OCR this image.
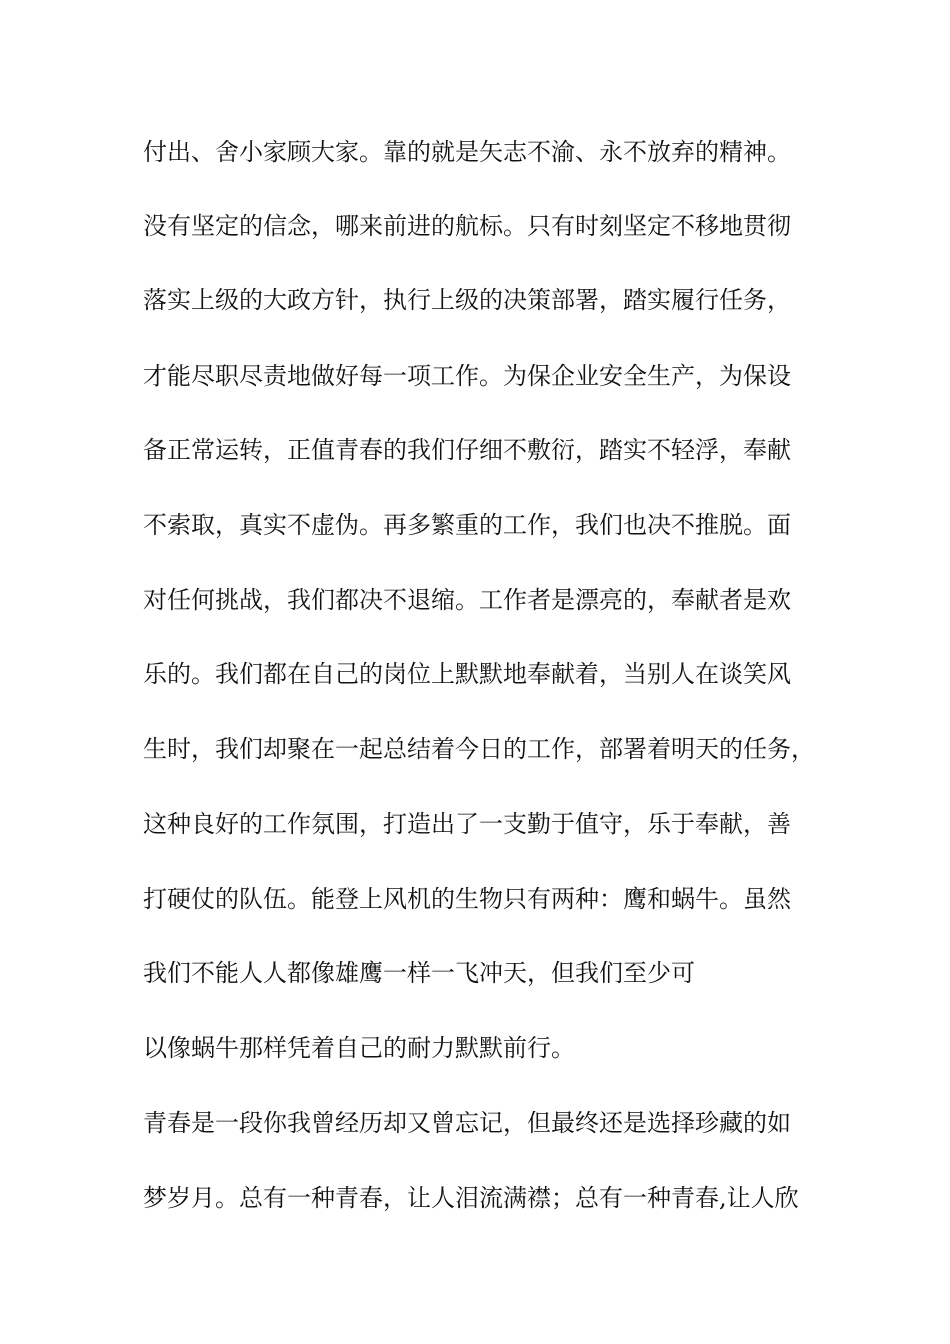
付出、舍小家顾大家。靠的就是矢志不渝、永不放弃的精神。

没有坚定的信念，哪来前进的航标。只有时刻坚定不移地贯彻

落实上级的大政方针，执行上级的决策部署，踏实履行任务，

才能尽职尽责地做好每一项工作。为保企业安全生产，为保设

备正常运转，正值青春的我们仔细不敷衍，踏实不轻浮，奉献

不索取，真实不虚伪。再多繁重的工作，我们也决不推脱。面

对任何挑战，我们都决不退缩。工作者是漂亮的，奉献者是欢

乐的。我们都在自己的岗位上默默地奉献着，当别人在谈笑风

生时，我们却聚在一起总结着今日的工作，部署着明天的任务，

这种良好的工作氛围，打造出了一支勤于值守，乐于奉献，善

打硬仗的队伍。能登上风机的生物只有两种：鹰和蜗牛。虽然

我们不能人人都像雄鹰一样一飞冲天，但我们至少可

以像蜗牛那样凭着自己的耐力默默前行。

青春是一段你我曾经历却又曾忘记，但最终还是选择珍藏的如

梦岁月。总有一种青春，让人泪流满襟；总有一种青春,让人欣
